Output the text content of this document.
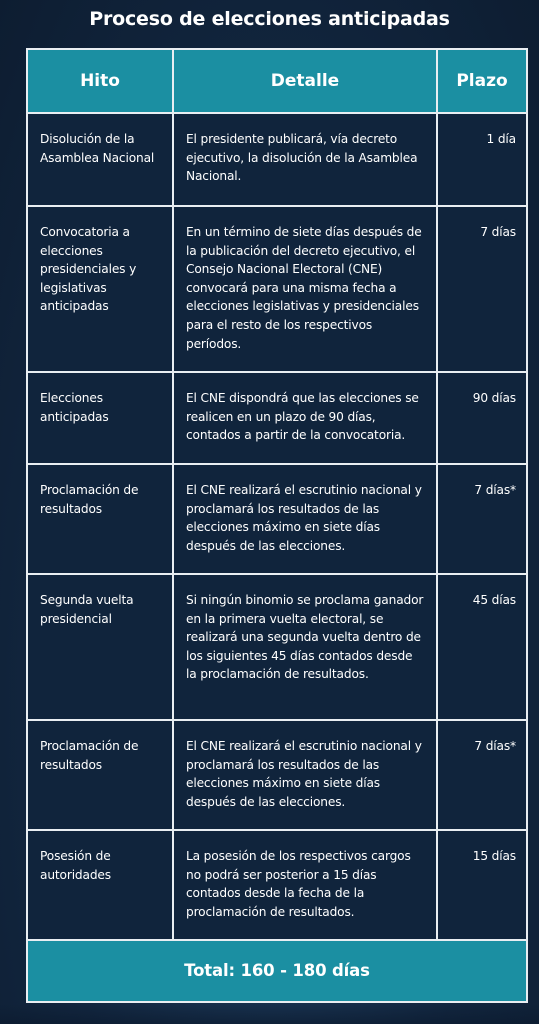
Proceso de elecciones anticipadas
Hito	Detalle	Plazo
Disolución de la Asamblea Nacional	El presidente publicará, vía decreto ejecutivo, la disolución de la Asamblea Nacional.	1 día
Convocatoria a elecciones presidenciales y legislativas anticipadas	En un término de siete días después de la publicación del decreto ejecutivo, el Consejo Nacional Electoral (CNE) convocará para una misma fecha a elecciones legislativas y presidenciales para el resto de los respectivos períodos.	7 días
Elecciones anticipadas	El CNE dispondrá que las elecciones se realicen en un plazo de 90 días, contados a partir de la convocatoria.	90 días
Proclamación de resultados	El CNE realizará el escrutinio nacional y proclamará los resultados de las elecciones máximo en siete días después de las elecciones.	7 días*
Segunda vuelta presidencial	Si ningún binomio se proclama ganador en la primera vuelta electoral, se realizará una segunda vuelta dentro de los siguientes 45 días contados desde la proclamación de resultados.	45 días
Proclamación de resultados	El CNE realizará el escrutinio nacional y proclamará los resultados de las elecciones máximo en siete días después de las elecciones.	7 días*
Posesión de autoridades	La posesión de los respectivos cargos no podrá ser posterior a 15 días contados desde la fecha de la proclamación de resultados.	15 días
Total: 160 - 180 días		
